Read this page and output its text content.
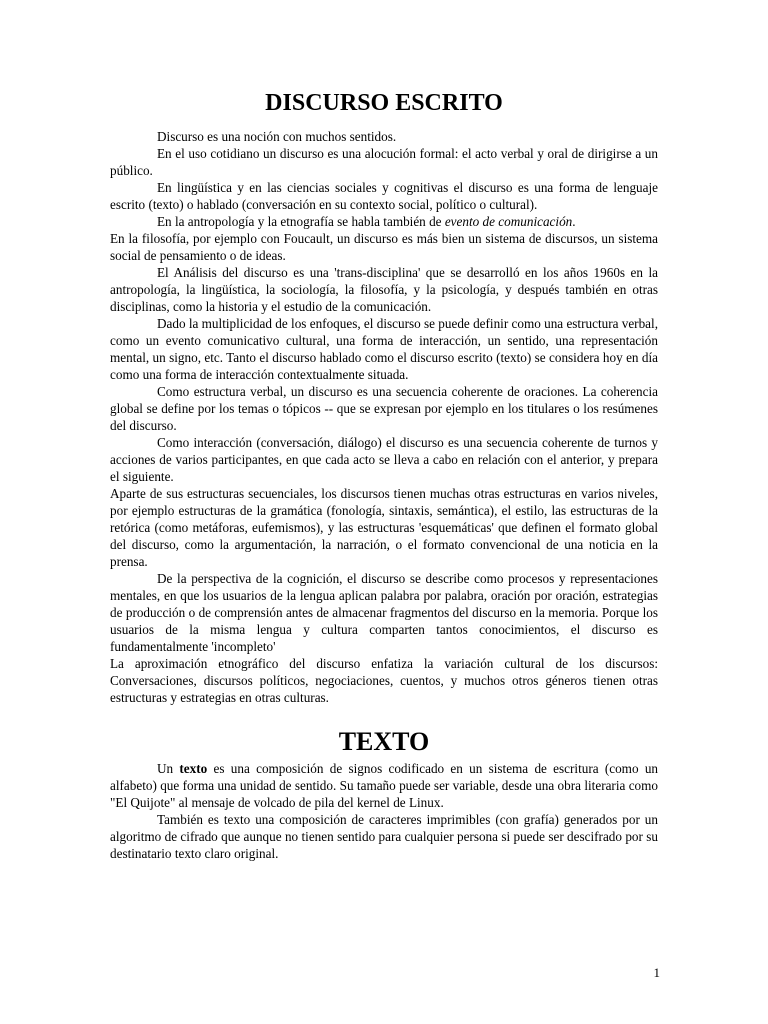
DISCURSO ESCRITO

Discurso es una noción con muchos sentidos.

En el uso cotidiano un discurso es una alocución formal: el acto verbal y oral de dirigirse a un público.

En lingüística y en las ciencias sociales y cognitivas el discurso es una forma de lenguaje escrito (texto) o hablado (conversación en su contexto social, político o cultural).

En la antropología y la etnografía se habla también de evento de comunicación.

En la filosofía, por ejemplo con Foucault, un discurso es más bien un sistema de discursos, un sistema social de pensamiento o de ideas.

El Análisis del discurso es una 'trans-disciplina' que se desarrolló en los años 1960s en la antropología, la lingüística, la sociología, la filosofía, y la psicología, y después también en otras disciplinas, como la historia y el estudio de la comunicación.

Dado la multiplicidad de los enfoques, el discurso se puede definir como una estructura verbal, como un evento comunicativo cultural, una forma de interacción, un sentido, una representación mental, un signo, etc. Tanto el discurso hablado como el discurso escrito (texto) se considera hoy en día como una forma de interacción contextualmente situada.

Como estructura verbal, un discurso es una secuencia coherente de oraciones. La coherencia global se define por los temas o tópicos -- que se expresan por ejemplo en los titulares o los resúmenes del discurso.

Como interacción (conversación, diálogo) el discurso es una secuencia coherente de turnos y acciones de varios participantes, en que cada acto se lleva a cabo en relación con el anterior, y prepara el siguiente.

Aparte de sus estructuras secuenciales, los discursos tienen muchas otras estructuras en varios niveles, por ejemplo estructuras de la gramática (fonología, sintaxis, semántica), el estilo, las estructuras de la retórica (como metáforas, eufemismos), y las estructuras 'esquemáticas' que definen el formato global del discurso, como la argumentación, la narración, o el formato convencional de una noticia en la prensa.

De la perspectiva de la cognición, el discurso se describe como procesos y representaciones mentales, en que los usuarios de la lengua aplican palabra por palabra, oración por oración, estrategias de producción o de comprensión antes de almacenar fragmentos del discurso en la memoria. Porque los usuarios de la misma lengua y cultura comparten tantos conocimientos, el discurso es fundamentalmente 'incompleto'

La aproximación etnográfico del discurso enfatiza la variación cultural de los discursos: Conversaciones, discursos políticos, negociaciones, cuentos, y muchos otros géneros tienen otras estructuras y estrategias en otras culturas.

TEXTO

Un texto es una composición de signos codificado en un sistema de escritura (como un alfabeto) que forma una unidad de sentido. Su tamaño puede ser variable, desde una obra literaria como "El Quijote" al mensaje de volcado de pila del kernel de Linux.

También es texto una composición de caracteres imprimibles (con grafía) generados por un algoritmo de cifrado que aunque no tienen sentido para cualquier persona si puede ser descifrado por su destinatario texto claro original.

1
